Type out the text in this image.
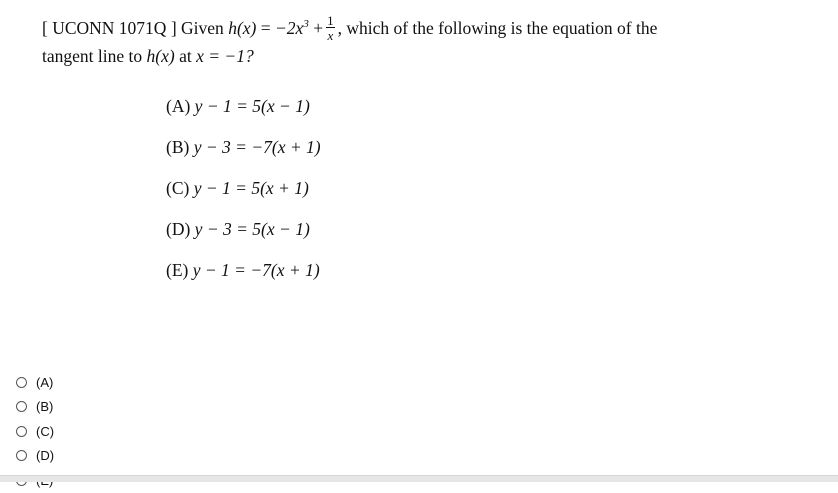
[ UCONN 1071Q ] Given $h(x) = -2x^3 + \frac{1}{x}$ , which of the following is the equation of the
tangent line to h(x) at x = −1?
(A) y − 1 = 5(x − 1)
(B) y − 3 = −7(x + 1)
(C) y − 1 = 5(x + 1)
(D) y − 3 = 5(x − 1)
(E) y − 1 = −7(x + 1)
(A)
(B)
(C)
(D)
